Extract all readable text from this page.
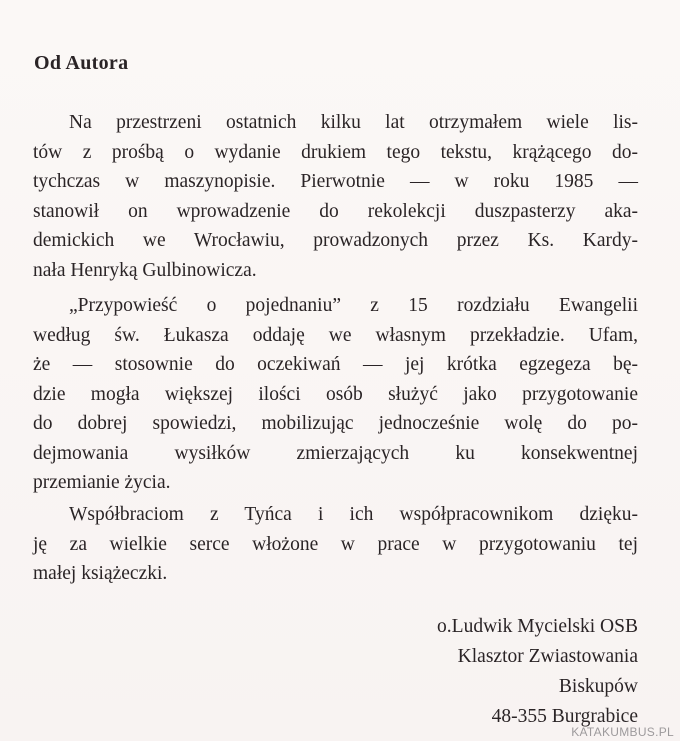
Od Autora
Na przestrzeni ostatnich kilku lat otrzymałem wiele lis-
tów z prośbą o wydanie drukiem tego tekstu, krążącego do-
tychczas w maszynopisie. Pierwotnie — w roku 1985 —
stanowił on wprowadzenie do rekolekcji duszpasterzy aka-
demickich we Wrocławiu, prowadzonych przez Ks. Kardy-
nała Henryką Gulbinowicza.
„Przypowieść o pojednaniu” z 15 rozdziału Ewangelii
według św. Łukasza oddaję we własnym przekładzie. Ufam,
że — stosownie do oczekiwań — jej krótka egzegeza bę-
dzie mogła większej ilości osób służyć jako przygotowanie
do dobrej spowiedzi, mobilizując jednocześnie wolę do po-
dejmowania wysiłków zmierzających ku konsekwentnej
przemianie życia.
Współbraciom z Tyńca i ich współpracownikom dzięku-
ję za wielkie serce włożone w prace w przygotowaniu tej
małej książeczki.
o.Ludwik Mycielski OSB
Klasztor Zwiastowania
Biskupów
48-355 Burgrabice
KATAKUMBUS.PL
